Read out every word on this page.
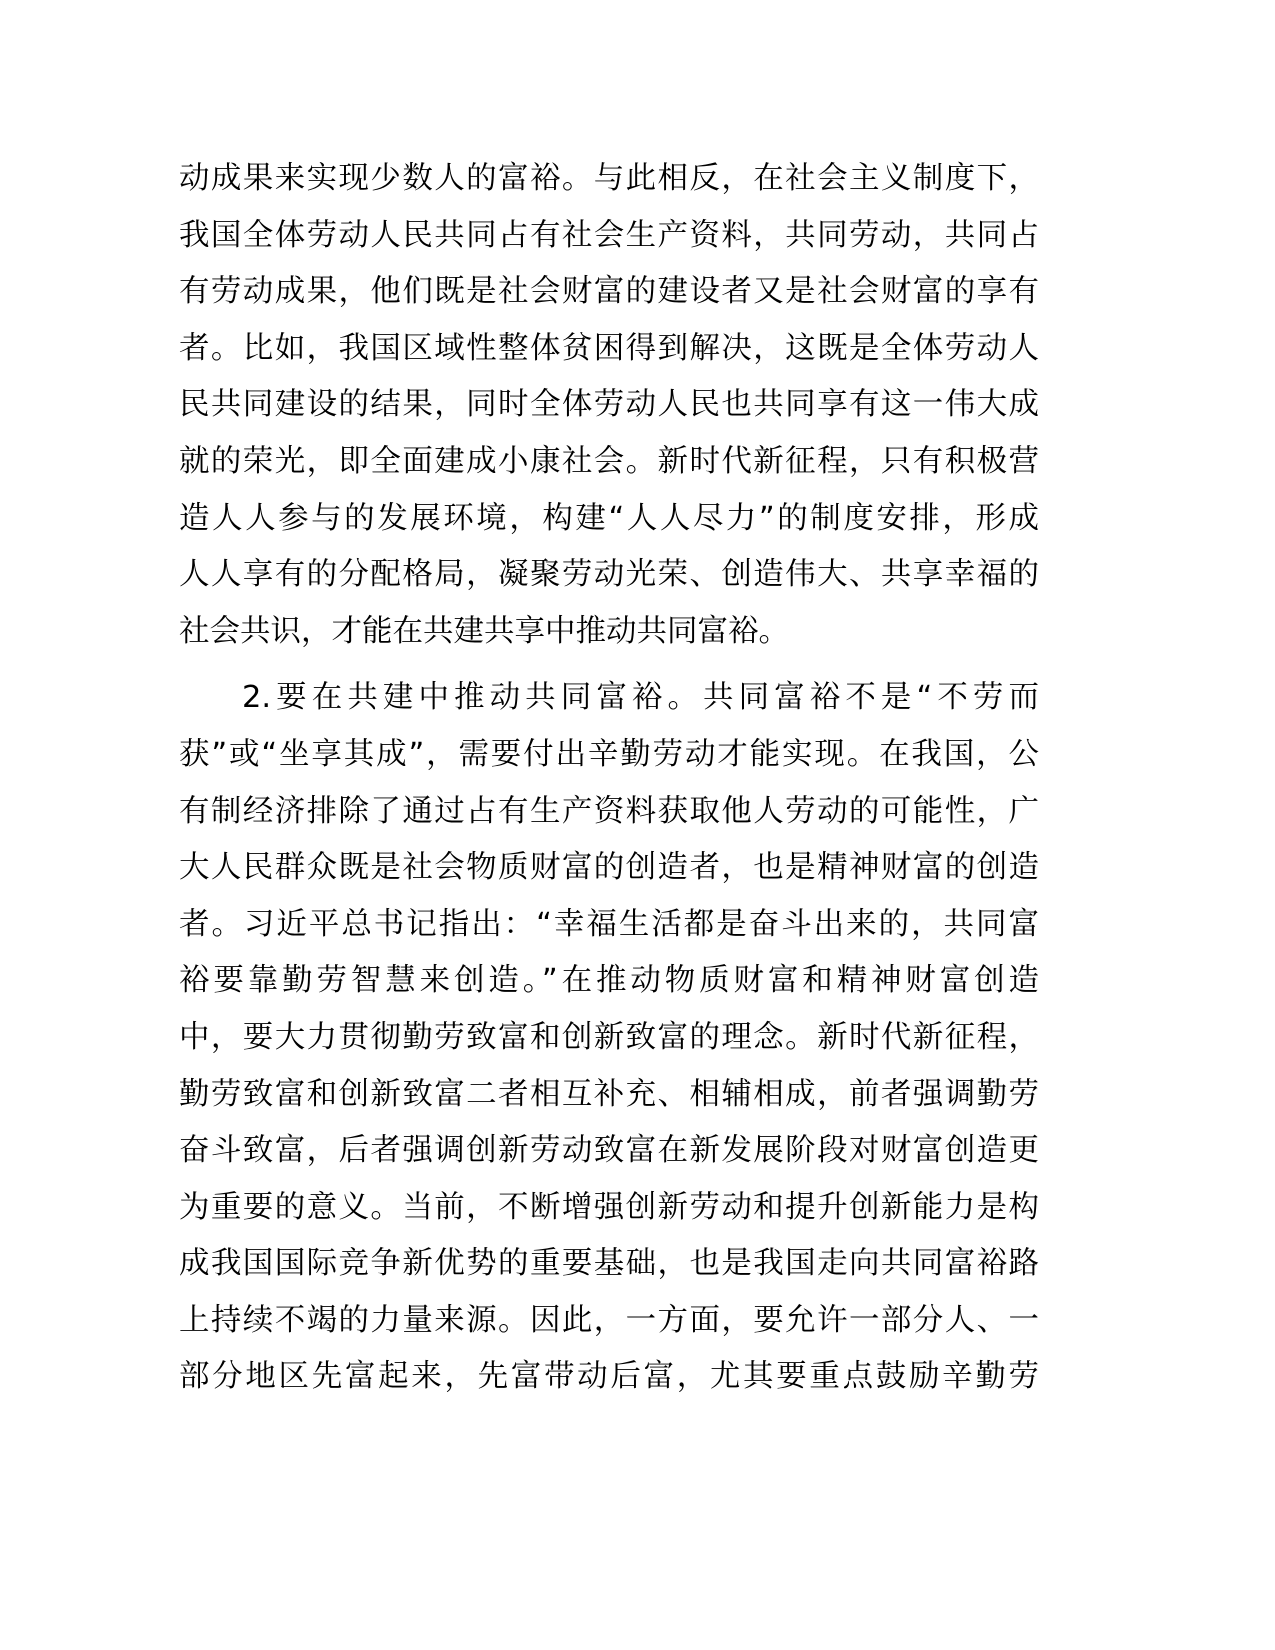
动成果来实现少数人的富裕。与此相反，在社会主义制度下，
我国全体劳动人民共同占有社会生产资料，共同劳动，共同占
有劳动成果，他们既是社会财富的建设者又是社会财富的享有
者。比如，我国区域性整体贫困得到解决，这既是全体劳动人
民共同建设的结果，同时全体劳动人民也共同享有这一伟大成
就的荣光，即全面建成小康社会。新时代新征程，只有积极营
造人人参与的发展环境，构建“人人尽力”的制度安排，形成
人人享有的分配格局，凝聚劳动光荣、创造伟大、共享幸福的
社会共识，才能在共建共享中推动共同富裕。
2.要在共建中推动共同富裕。共同富裕不是“不劳而
获”或“坐享其成”，需要付出辛勤劳动才能实现。在我国，公
有制经济排除了通过占有生产资料获取他人劳动的可能性，广
大人民群众既是社会物质财富的创造者，也是精神财富的创造
者。习近平总书记指出：“幸福生活都是奋斗出来的，共同富
裕要靠勤劳智慧来创造。”在推动物质财富和精神财富创造
中，要大力贯彻勤劳致富和创新致富的理念。新时代新征程，
勤劳致富和创新致富二者相互补充、相辅相成，前者强调勤劳
奋斗致富，后者强调创新劳动致富在新发展阶段对财富创造更
为重要的意义。当前，不断增强创新劳动和提升创新能力是构
成我国国际竞争新优势的重要基础，也是我国走向共同富裕路
上持续不竭的力量来源。因此，一方面，要允许一部分人、一
部分地区先富起来，先富带动后富，尤其要重点鼓励辛勤劳
